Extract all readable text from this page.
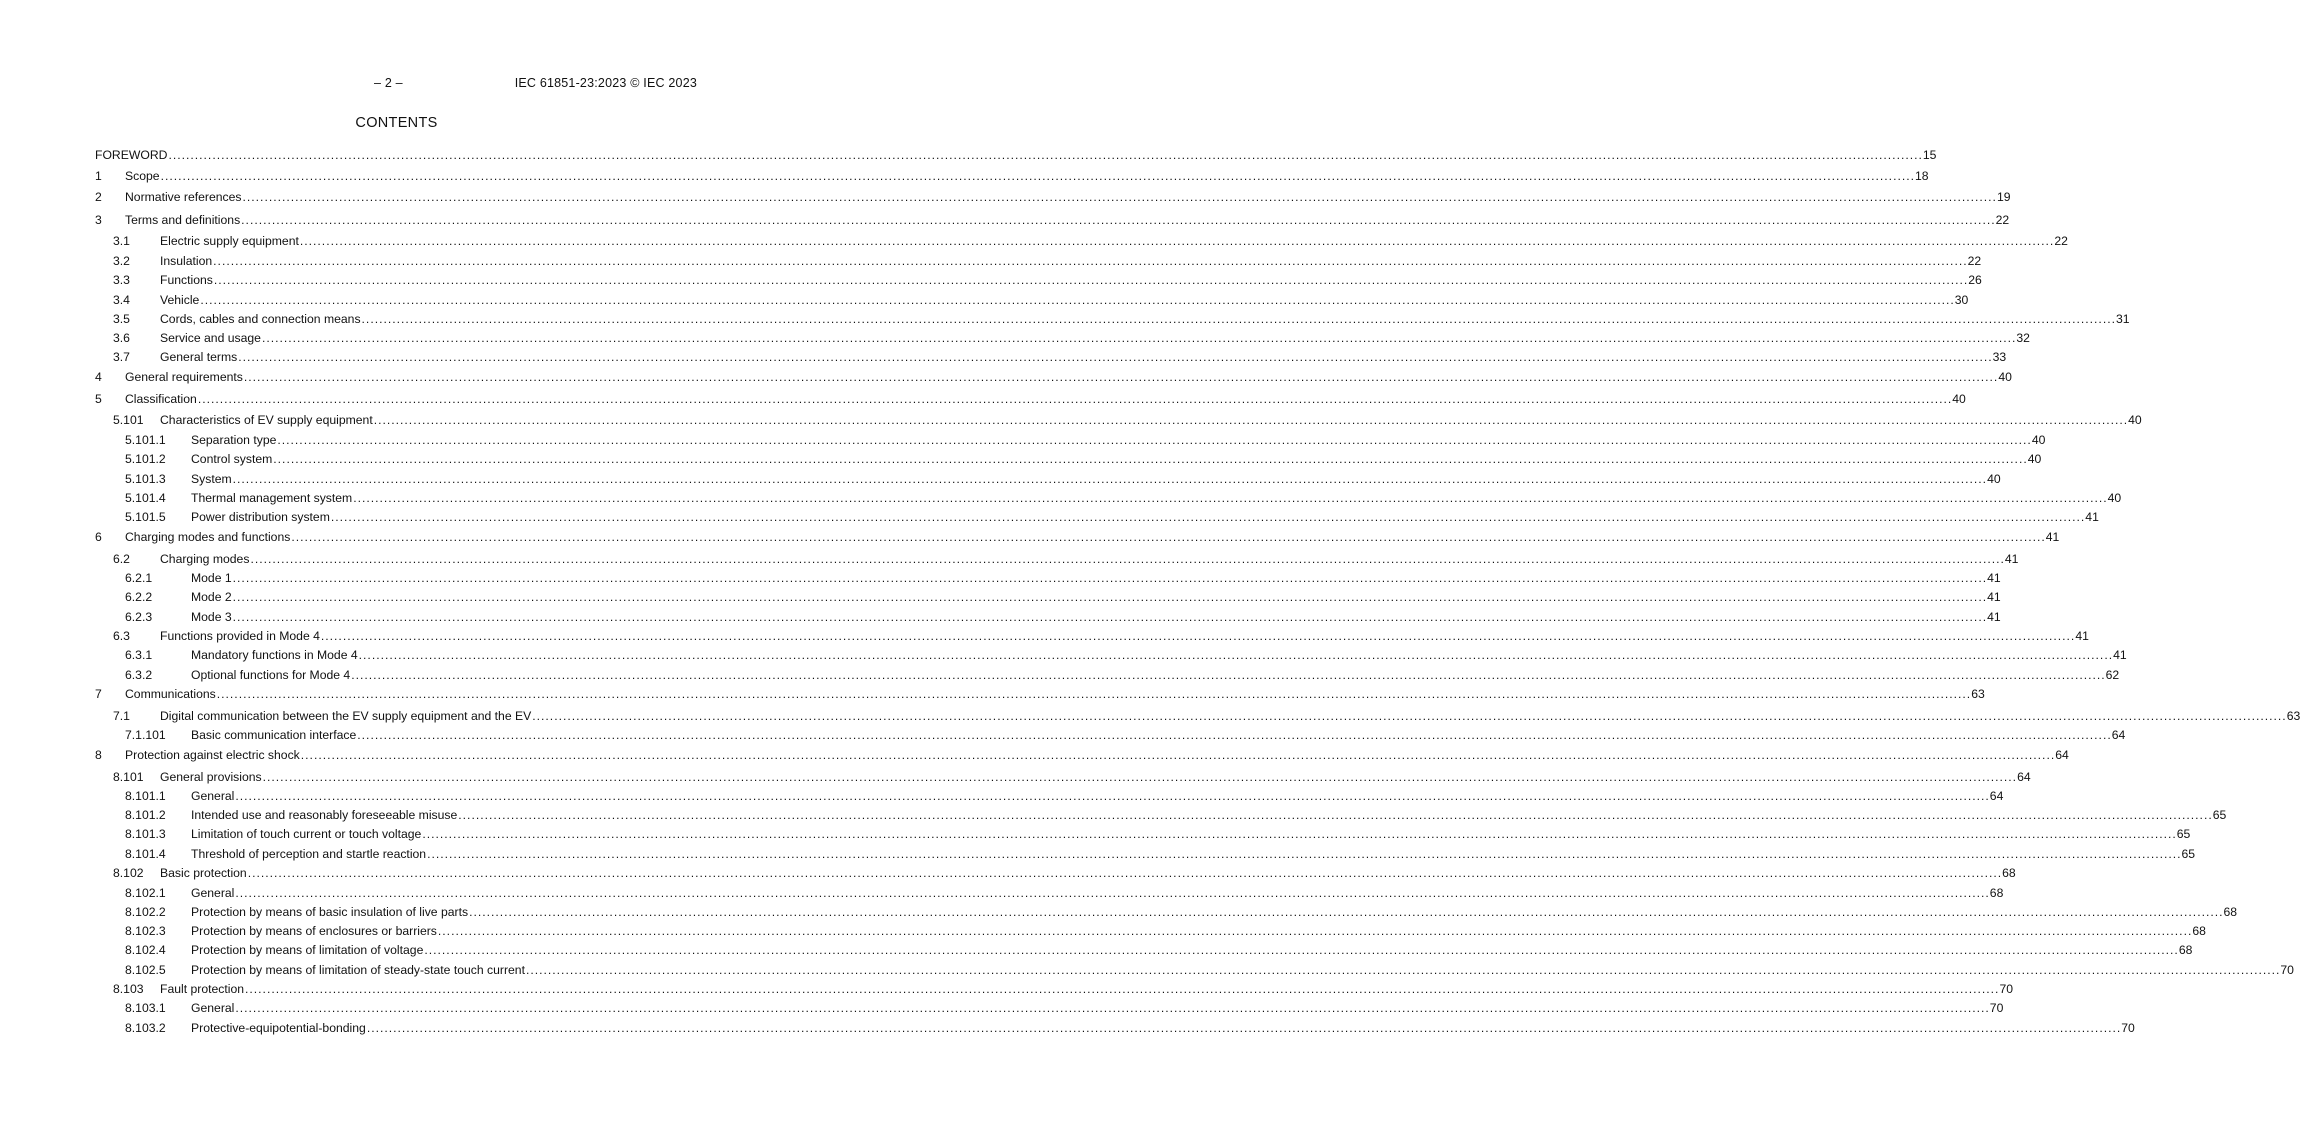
– 2 –	IEC 61851-23:2023 © IEC 2023
CONTENTS
FOREWORD ................................................................................................................................................................................................................................................................................................................................................................................................................ 15
1 Scope ................................................................................................................................................................................................................................................................................................................................................................................................................ 18
2 Normative references ................................................................................................................................................................................................................................................................................................................................................................................................................ 19
3 Terms and definitions ................................................................................................................................................................................................................................................................................................................................................................................................................ 22
3.1 Electric supply equipment ................................................................................................................................................................................................................................................................................................................................................................................................................ 22
3.2 Insulation ................................................................................................................................................................................................................................................................................................................................................................................................................ 22
3.3 Functions ................................................................................................................................................................................................................................................................................................................................................................................................................ 26
3.4 Vehicle ................................................................................................................................................................................................................................................................................................................................................................................................................ 30
3.5 Cords, cables and connection means ................................................................................................................................................................................................................................................................................................................................................................................................................ 31
3.6 Service and usage ................................................................................................................................................................................................................................................................................................................................................................................................................ 32
3.7 General terms ................................................................................................................................................................................................................................................................................................................................................................................................................ 33
4 General requirements ................................................................................................................................................................................................................................................................................................................................................................................................................ 40
5 Classification ................................................................................................................................................................................................................................................................................................................................................................................................................ 40
5.101 Characteristics of EV supply equipment ................................................................................................................................................................................................................................................................................................................................................................................................................ 40
5.101.1 Separation type ................................................................................................................................................................................................................................................................................................................................................................................................................ 40
5.101.2 Control system ................................................................................................................................................................................................................................................................................................................................................................................................................ 40
5.101.3 System ................................................................................................................................................................................................................................................................................................................................................................................................................ 40
5.101.4 Thermal management system ................................................................................................................................................................................................................................................................................................................................................................................................................ 40
5.101.5 Power distribution system ................................................................................................................................................................................................................................................................................................................................................................................................................ 41
6 Charging modes and functions ................................................................................................................................................................................................................................................................................................................................................................................................................ 41
6.2 Charging modes ................................................................................................................................................................................................................................................................................................................................................................................................................ 41
6.2.1	Mode 1 ................................................................................................................................................................................................................................................................................................................................................................................................................ 41
6.2.2	Mode 2 ................................................................................................................................................................................................................................................................................................................................................................................................................ 41
6.2.3	Mode 3 ................................................................................................................................................................................................................................................................................................................................................................................................................ 41
6.3 Functions provided in Mode 4 ................................................................................................................................................................................................................................................................................................................................................................................................................ 41
6.3.1	Mandatory functions in Mode 4 ................................................................................................................................................................................................................................................................................................................................................................................................................ 41
6.3.2	Optional functions for Mode 4 ................................................................................................................................................................................................................................................................................................................................................................................................................ 62
7 Communications ................................................................................................................................................................................................................................................................................................................................................................................................................ 63
7.1 Digital communication between the EV supply equipment and the EV ................................................................................................................................................................................................................................................................................................................................................................................................................ 63
7.1.101 Basic communication interface ................................................................................................................................................................................................................................................................................................................................................................................................................ 64
8 Protection against electric shock ................................................................................................................................................................................................................................................................................................................................................................................................................ 64
8.101 General provisions ................................................................................................................................................................................................................................................................................................................................................................................................................ 64
8.101.1 General ................................................................................................................................................................................................................................................................................................................................................................................................................ 64
8.101.2 Intended use and reasonably foreseeable misuse ................................................................................................................................................................................................................................................................................................................................................................................................................ 65
8.101.3 Limitation of touch current or touch voltage ................................................................................................................................................................................................................................................................................................................................................................................................................ 65
8.101.4 Threshold of perception and startle reaction ................................................................................................................................................................................................................................................................................................................................................................................................................ 65
8.102 Basic protection ................................................................................................................................................................................................................................................................................................................................................................................................................ 68
8.102.1 General ................................................................................................................................................................................................................................................................................................................................................................................................................ 68
8.102.2 Protection by means of basic insulation of live parts ................................................................................................................................................................................................................................................................................................................................................................................................................ 68
8.102.3 Protection by means of enclosures or barriers ................................................................................................................................................................................................................................................................................................................................................................................................................ 68
8.102.4 Protection by means of limitation of voltage ................................................................................................................................................................................................................................................................................................................................................................................................................ 68
8.102.5 Protection by means of limitation of steady-state touch current ................................................................................................................................................................................................................................................................................................................................................................................................................ 70
8.103 Fault protection ................................................................................................................................................................................................................................................................................................................................................................................................................ 70
8.103.1 General ................................................................................................................................................................................................................................................................................................................................................................................................................ 70
8.103.2 Protective-equipotential-bonding ................................................................................................................................................................................................................................................................................................................................................................................................................ 70
